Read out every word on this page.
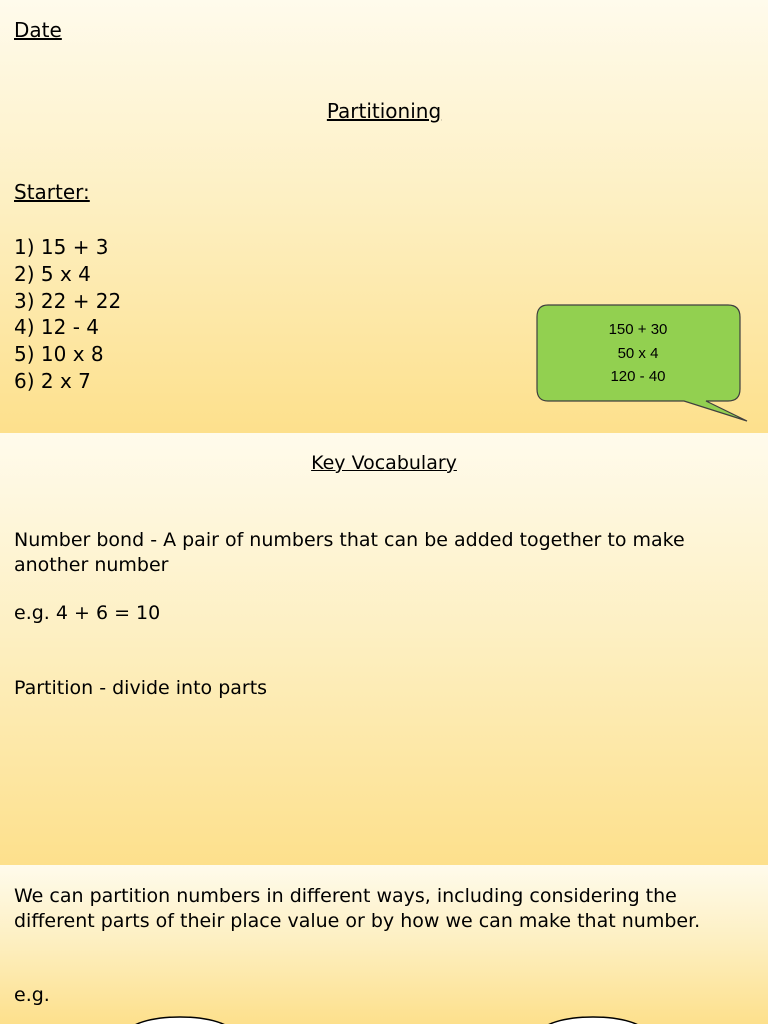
Date

Partitioning

Starter:

1) 15 + 3
2) 5 x 4
3) 22 + 22
4) 12 - 4
5) 10 x 8
6) 2 x 7
150 + 30
50 x 4
120 - 40

Key Vocabulary

Number bond - A pair of numbers that can be added together to make another number

e.g. 4 + 6 = 10

Partition - divide into parts

We can partition numbers in different ways, including considering the different parts of their place value or by how we can make that number.

e.g.
